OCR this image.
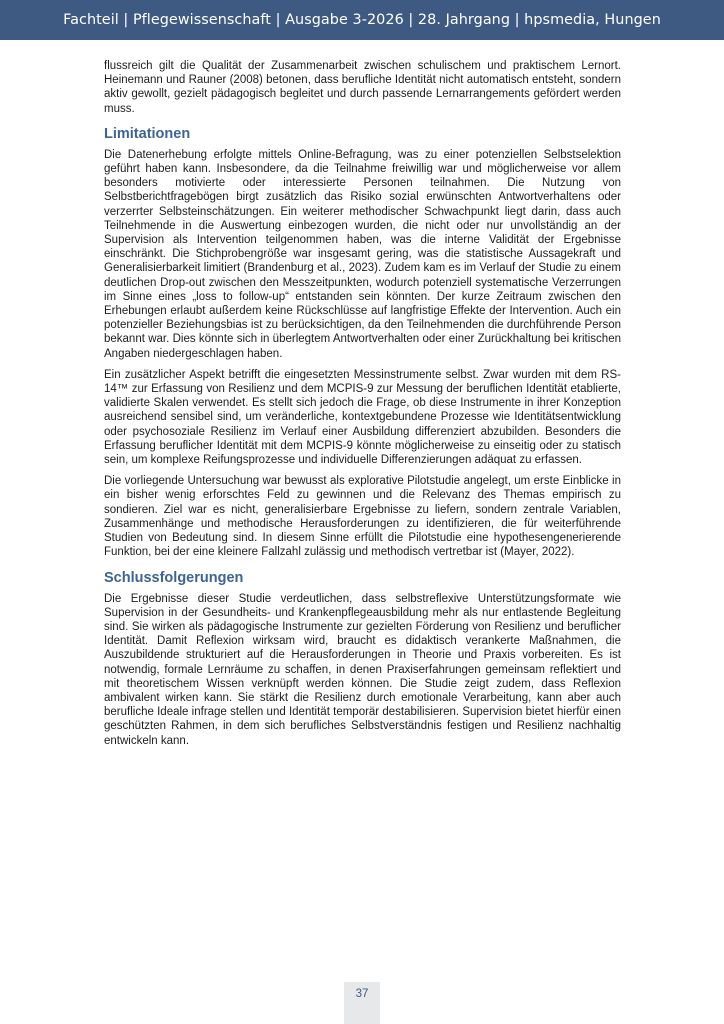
Fachteil | Pflegewissenschaft | Ausgabe 3-2026 | 28. Jahrgang | hpsmedia, Hungen

flussreich gilt die Qualität der Zusammenarbeit zwischen schulischem und praktischem Lernort. Heinemann und Rauner (2008) betonen, dass berufliche Identität nicht automatisch entsteht, sondern aktiv gewollt, gezielt pädagogisch begleitet und durch passende Lernarrangements gefördert werden muss.

Limitationen

Die Datenerhebung erfolgte mittels Online-Befragung, was zu einer potenziellen Selbstselektion geführt haben kann. Insbesondere, da die Teilnahme freiwillig war und möglicherweise vor allem besonders motivierte oder interessierte Personen teilnahmen. Die Nutzung von Selbstberichtfragebögen birgt zusätzlich das Risiko sozial erwünschten Antwortverhaltens oder verzerrter Selbsteinschätzungen. Ein weiterer methodischer Schwachpunkt liegt darin, dass auch Teilnehmende in die Auswertung einbezogen wurden, die nicht oder nur unvollständig an der Supervision als Intervention teilgenommen haben, was die interne Validität der Ergebnisse einschränkt. Die Stichprobengröße war insgesamt gering, was die statistische Aussagekraft und Generalisierbarkeit limitiert (Brandenburg et al., 2023). Zudem kam es im Verlauf der Studie zu einem deutlichen Drop-out zwischen den Messzeitpunkten, wodurch potenziell systematische Verzerrungen im Sinne eines „loss to follow-up“ entstanden sein könnten. Der kurze Zeitraum zwischen den Erhebungen erlaubt außerdem keine Rückschlüsse auf langfristige Effekte der Intervention. Auch ein potenzieller Beziehungsbias ist zu berücksichtigen, da den Teilnehmenden die durchführende Person bekannt war. Dies könnte sich in überlegtem Antwortverhalten oder einer Zurückhaltung bei kritischen Angaben niedergeschlagen haben.

Ein zusätzlicher Aspekt betrifft die eingesetzten Messinstrumente selbst. Zwar wurden mit dem RS-14™ zur Erfassung von Resilienz und dem MCPIS-9 zur Messung der beruflichen Identität etablierte, validierte Skalen verwendet. Es stellt sich jedoch die Frage, ob diese Instrumente in ihrer Konzeption ausreichend sensibel sind, um veränderliche, kontextgebundene Prozesse wie Identitätsentwicklung oder psychosoziale Resilienz im Verlauf einer Ausbildung differenziert abzubilden. Besonders die Erfassung beruflicher Identität mit dem MCPIS-9 könnte möglicherweise zu einseitig oder zu statisch sein, um komplexe Reifungsprozesse und individuelle Differenzierungen adäquat zu erfassen.

Die vorliegende Untersuchung war bewusst als explorative Pilotstudie angelegt, um erste Einblicke in ein bisher wenig erforschtes Feld zu gewinnen und die Relevanz des Themas empirisch zu sondieren. Ziel war es nicht, generalisierbare Ergebnisse zu liefern, sondern zentrale Variablen, Zusammenhänge und methodische Herausforderungen zu identifizieren, die für weiterführende Studien von Bedeutung sind. In diesem Sinne erfüllt die Pilotstudie eine hypothesengenerierende Funktion, bei der eine kleinere Fallzahl zulässig und methodisch vertretbar ist (Mayer, 2022).

Schlussfolgerungen

Die Ergebnisse dieser Studie verdeutlichen, dass selbstreflexive Unterstützungsformate wie Supervision in der Gesundheits- und Krankenpflegeausbildung mehr als nur entlastende Begleitung sind. Sie wirken als pädagogische Instrumente zur gezielten Förderung von Resilienz und beruflicher Identität. Damit Reflexion wirksam wird, braucht es didaktisch verankerte Maßnahmen, die Auszubildende strukturiert auf die Herausforderungen in Theorie und Praxis vorbereiten. Es ist notwendig, formale Lernräume zu schaffen, in denen Praxiserfahrungen gemeinsam reflektiert und mit theoretischem Wissen verknüpft werden können. Die Studie zeigt zudem, dass Reflexion ambivalent wirken kann. Sie stärkt die Resilienz durch emotionale Verarbeitung, kann aber auch berufliche Ideale infrage stellen und Identität temporär destabilisieren. Supervision bietet hierfür einen geschützten Rahmen, in dem sich berufliches Selbstverständnis festigen und Resilienz nachhaltig entwickeln kann.

37
